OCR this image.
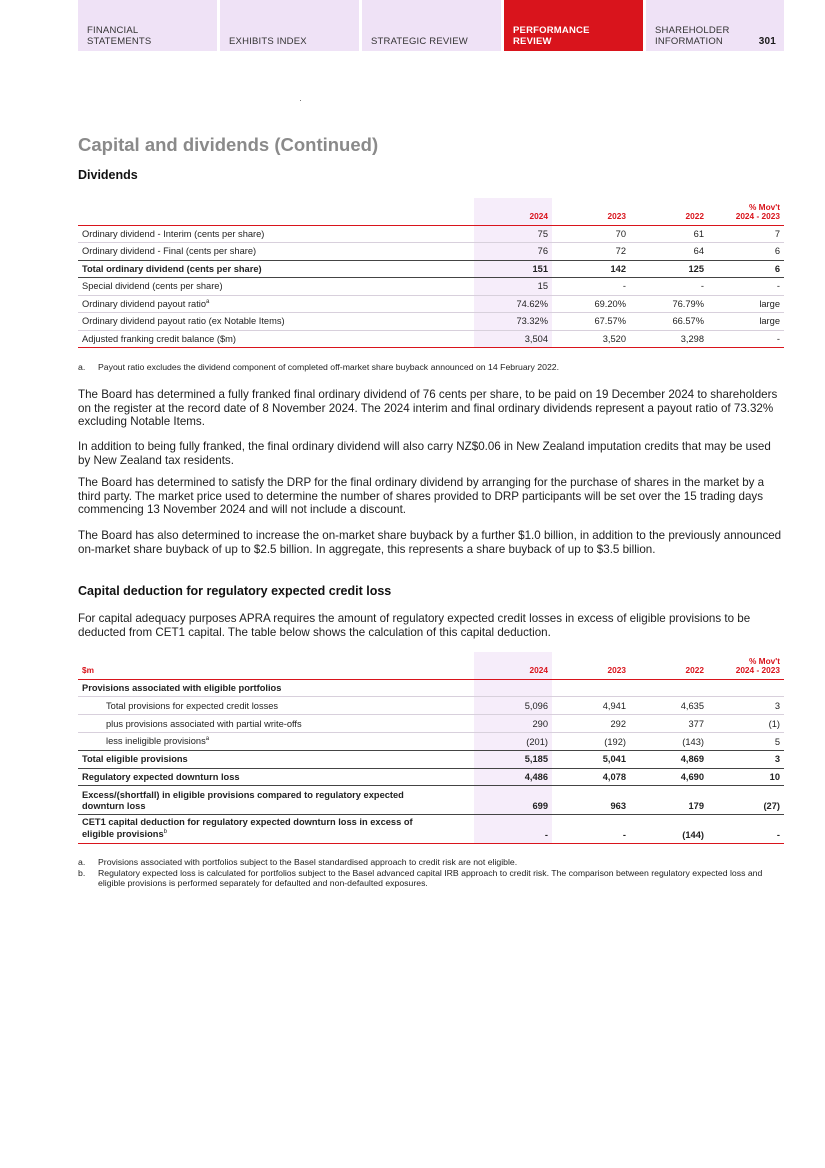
FINANCIAL
STATEMENTS	EXHIBITS INDEX	STRATEGIC REVIEW
PERFORMANCE
REVIEW
SHAREHOLDER
INFORMATION	301
Capital and dividends (Continued)
Dividends
	2024	2023	2022	% Mov't
2024 - 2023
Ordinary dividend - Interim (cents per share)	75	70	61	7
Ordinary dividend - Final (cents per share)	76	72	64	6
Total ordinary dividend (cents per share)	151	142	125	6
Special dividend (cents per share)	15	-	-	-
Ordinary dividend payout ratio$^a$	74.62%	69.20%	76.79%	large
Ordinary dividend payout ratio (ex Notable Items)	73.32%	67.57%	66.57%	large
Adjusted franking credit balance ($m)	3,504	3,520	3,298	-
a.	Payout ratio excludes the dividend component of completed off-market share buyback announced on 14 February 2022.

The Board has determined a fully franked final ordinary dividend of 76 cents per share, to be paid on 19 December 2024 to shareholders on the register at the record date of 8 November 2024. The 2024 interim and final ordinary dividends represent a payout ratio of 73.32% excluding Notable Items.

In addition to being fully franked, the final ordinary dividend will also carry NZ$0.06 in New Zealand imputation credits that may be used by New Zealand tax residents.

The Board has determined to satisfy the DRP for the final ordinary dividend by arranging for the purchase of shares in the market by a third party. The market price used to determine the number of shares provided to DRP participants will be set over the 15 trading days commencing 13 November 2024 and will not include a discount.

The Board has also determined to increase the on-market share buyback by a further $1.0 billion, in addition to the previously announced on-market share buyback of up to $2.5 billion. In aggregate, this represents a share buyback of up to $3.5 billion.

Capital deduction for regulatory expected credit loss

For capital adequacy purposes APRA requires the amount of regulatory expected credit losses in excess of eligible provisions to be deducted from CET1 capital. The table below shows the calculation of this capital deduction.

$m	2024	2023	2022	% Mov't
2024 - 2023
Provisions associated with eligible portfolios				
Total provisions for expected credit losses	5,096	4,941	4,635	3
plus provisions associated with partial write-offs	290	292	377	(1)
less ineligible provisions$^a$	(201)	(192)	(143)	5
Total eligible provisions	5,185	5,041	4,869	3
Regulatory expected downturn loss	4,486	4,078	4,690	10
Excess/(shortfall) in eligible provisions compared to regulatory expected downturn loss	699	963	179	(27)
CET1 capital deduction for regulatory expected downturn loss in excess of eligible provisions$^b$	-	-	(144)	-
a.	Provisions associated with portfolios subject to the Basel standardised approach to credit risk are not eligible.
b.	Regulatory expected loss is calculated for portfolios subject to the Basel advanced capital IRB approach to credit risk. The comparison between regulatory expected loss and eligible provisions is performed separately for defaulted and non-defaulted exposures.
